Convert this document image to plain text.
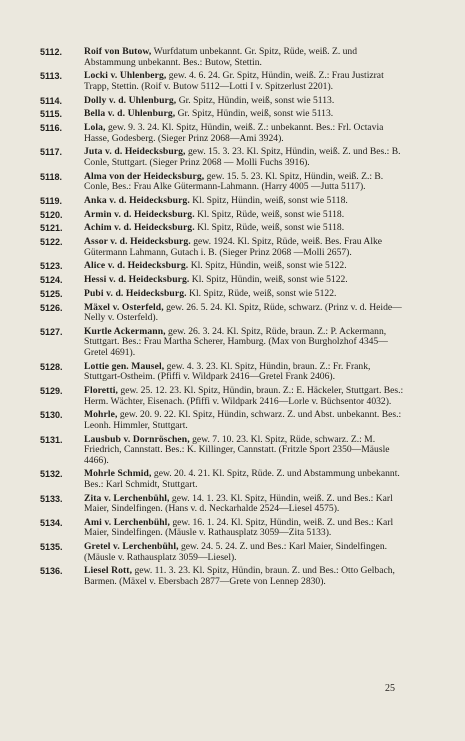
5112. Roif von Butow, Wurfdatum unbekannt. Gr. Spitz, Rüde, weiß. Z. und Abstammung unbekannt. Bes.: Butow, Stettin.
5113. Locki v. Uhlenberg, gew. 4. 6. 24. Gr. Spitz, Hündin, weiß. Z.: Frau Justizrat Trapp, Stettin. (Roif v. Butow 5112—Lotti I v. Spitzerlust 2201).
5114. Dolly v. d. Uhlenburg, Gr. Spitz, Hündin, weiß, sonst wie 5113.
5115. Bella v. d. Uhlenburg, Gr. Spitz, Hündin, weiß, sonst wie 5113.
5116. Lola, gew. 9. 3. 24. Kl. Spitz, Hündin, weiß. Z.: unbekannt. Bes.: Frl. Octavia Hasse, Godesberg. (Sieger Prinz 2068—Ami 3924).
5117. Juta v. d. Heidecksburg, gew. 15. 3. 23. Kl. Spitz, Hündin, weiß. Z. und Bes.: B. Conle, Stuttgart. (Sieger Prinz 2068 — Molli Fuchs 3916).
5118. Alma von der Heidecksburg, gew. 15. 5. 23. Kl. Spitz, Hündin, weiß. Z.: B. Conle, Bes.: Frau Alke Gütermann-Lahmann. (Harry 4005 —Jutta 5117).
5119. Anka v. d. Heidecksburg. Kl. Spitz, Hündin, weiß, sonst wie 5118.
5120. Armin v. d. Heidecksburg. Kl. Spitz, Rüde, weiß, sonst wie 5118.
5121. Achim v. d. Heidecksburg. Kl. Spitz, Rüde, weiß, sonst wie 5118.
5122. Assor v. d. Heidecksburg. gew. 1924. Kl. Spitz, Rüde, weiß. Bes. Frau Alke Gütermann Lahmann, Gutach i. B. (Sieger Prinz 2068 —Molli 2657).
5123. Alice v. d. Heidecksburg. Kl. Spitz, Hündin, weiß, sonst wie 5122.
5124. Hessi v. d. Heidecksburg. Kl. Spitz, Hündin, weiß, sonst wie 5122.
5125. Pubi v. d. Heidecksburg. Kl. Spitz, Rüde, weiß, sonst wie 5122.
5126. Mäxel v. Osterfeld, gew. 26. 5. 24. Kl. Spitz, Rüde, schwarz. (Prinz v. d. Heide—Nelly v. Osterfeld).
5127. Kurtle Ackermann, gew. 26. 3. 24. Kl. Spitz, Rüde, braun. Z.: P. Ackermann, Stuttgart. Bes.: Frau Martha Scherer, Hamburg. (Max von Burgholzhof 4345—Gretel 4691).
5128. Lottie gen. Mausel, gew. 4. 3. 23. Kl. Spitz, Hündin, braun. Z.: Fr. Frank, Stuttgart-Ostheim. (Pfiffi v. Wildpark 2416—Gretel Frank 2406).
5129. Floretti, gew. 25. 12. 23. Kl. Spitz, Hündin, braun. Z.: E. Häckeler, Stuttgart. Bes.: Herm. Wächter, Eisenach. (Pfiffi v. Wildpark 2416—Lorle v. Büchsentor 4032).
5130. Mohrle, gew. 20. 9. 22. Kl. Spitz, Hündin, schwarz. Z. und Abst. unbekannt. Bes.: Leonh. Himmler, Stuttgart.
5131. Lausbub v. Dornröschen, gew. 7. 10. 23. Kl. Spitz, Rüde, schwarz. Z.: M. Friedrich, Cannstatt. Bes.: K. Killinger, Cannstatt. (Fritzle Sport 2350—Mäusle 4466).
5132. Mohrle Schmid, gew. 20. 4. 21. Kl. Spitz, Rüde. Z. und Abstammung unbekannt. Bes.: Karl Schmidt, Stuttgart.
5133. Zita v. Lerchenbühl, gew. 14. 1. 23. Kl. Spitz, Hündin, weiß. Z. und Bes.: Karl Maier, Sindelfingen. (Hans v. d. Neckarhalde 2524—Liesel 4575).
5134. Ami v. Lerchenbühl, gew. 16. 1. 24. Kl. Spitz, Hündin, weiß. Z. und Bes.: Karl Maier, Sindelfingen. (Mäusle v. Rathausplatz 3059—Zita 5133).
5135. Gretel v. Lerchenbühl, gew. 24. 5. 24. Z. und Bes.: Karl Maier, Sindelfingen. (Mäusle v. Rathausplatz 3059—Liesel).
5136. Liesel Rott, gew. 11. 3. 23. Kl. Spitz, Hündin, braun. Z. und Bes.: Otto Gelbach, Barmen. (Mäxel v. Ebersbach 2877—Grete von Lennep 2830).
25
